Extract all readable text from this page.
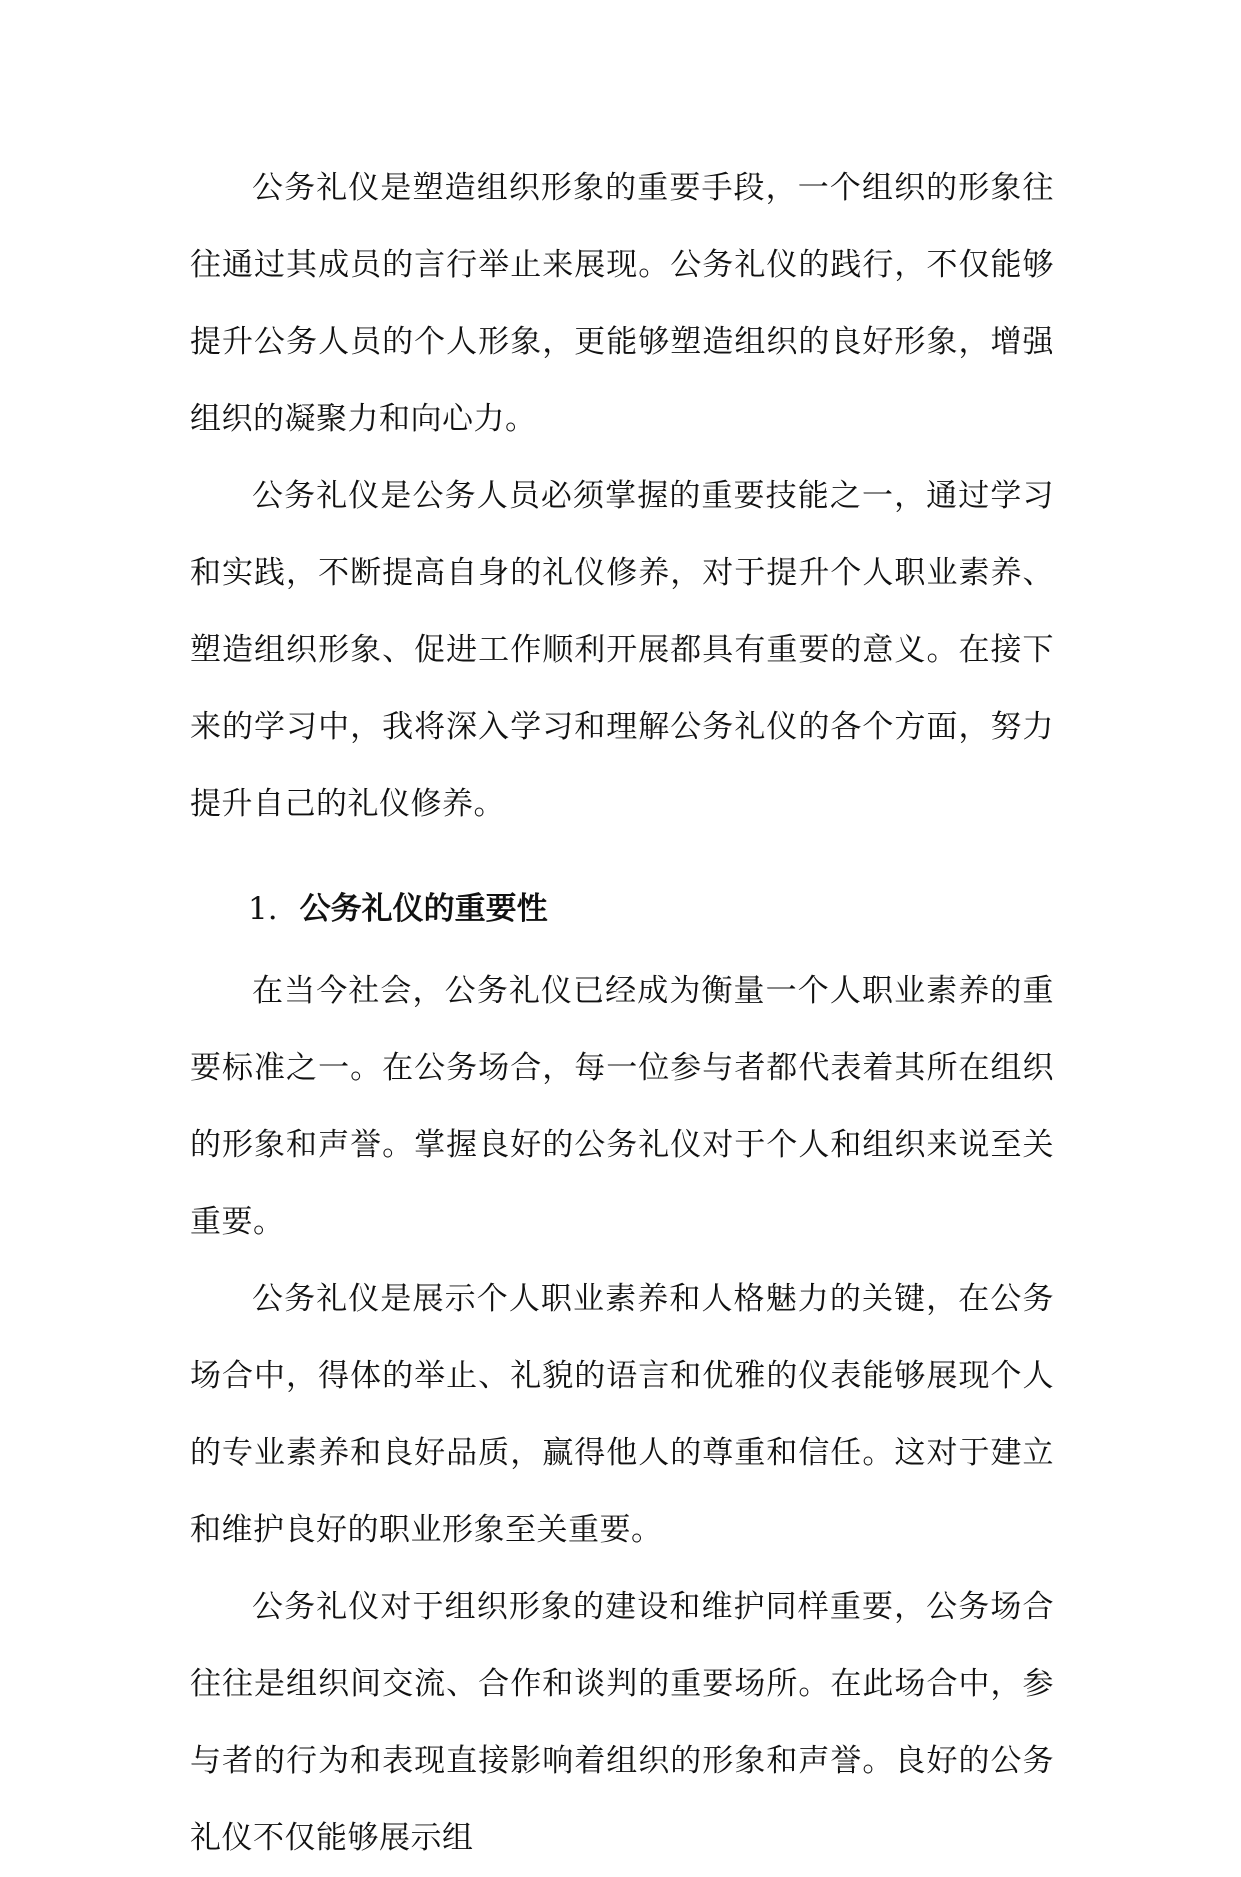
公务礼仪是塑造组织形象的重要手段，一个组织的形象往往通过其成员的言行举止来展现。公务礼仪的践行，不仅能够提升公务人员的个人形象，更能够塑造组织的良好形象，增强组织的凝聚力和向心力。

公务礼仪是公务人员必须掌握的重要技能之一，通过学习和实践，不断提高自身的礼仪修养，对于提升个人职业素养、塑造组织形象、促进工作顺利开展都具有重要的意义。在接下来的学习中，我将深入学习和理解公务礼仪的各个方面，努力提升自己的礼仪修养。

1. 公务礼仪的重要性

在当今社会，公务礼仪已经成为衡量一个人职业素养的重要标准之一。在公务场合，每一位参与者都代表着其所在组织的形象和声誉。掌握良好的公务礼仪对于个人和组织来说至关重要。

公务礼仪是展示个人职业素养和人格魅力的关键，在公务场合中，得体的举止、礼貌的语言和优雅的仪表能够展现个人的专业素养和良好品质，赢得他人的尊重和信任。这对于建立和维护良好的职业形象至关重要。

公务礼仪对于组织形象的建设和维护同样重要，公务场合往往是组织间交流、合作和谈判的重要场所。在此场合中，参与者的行为和表现直接影响着组织的形象和声誉。良好的公务礼仪不仅能够展示组
